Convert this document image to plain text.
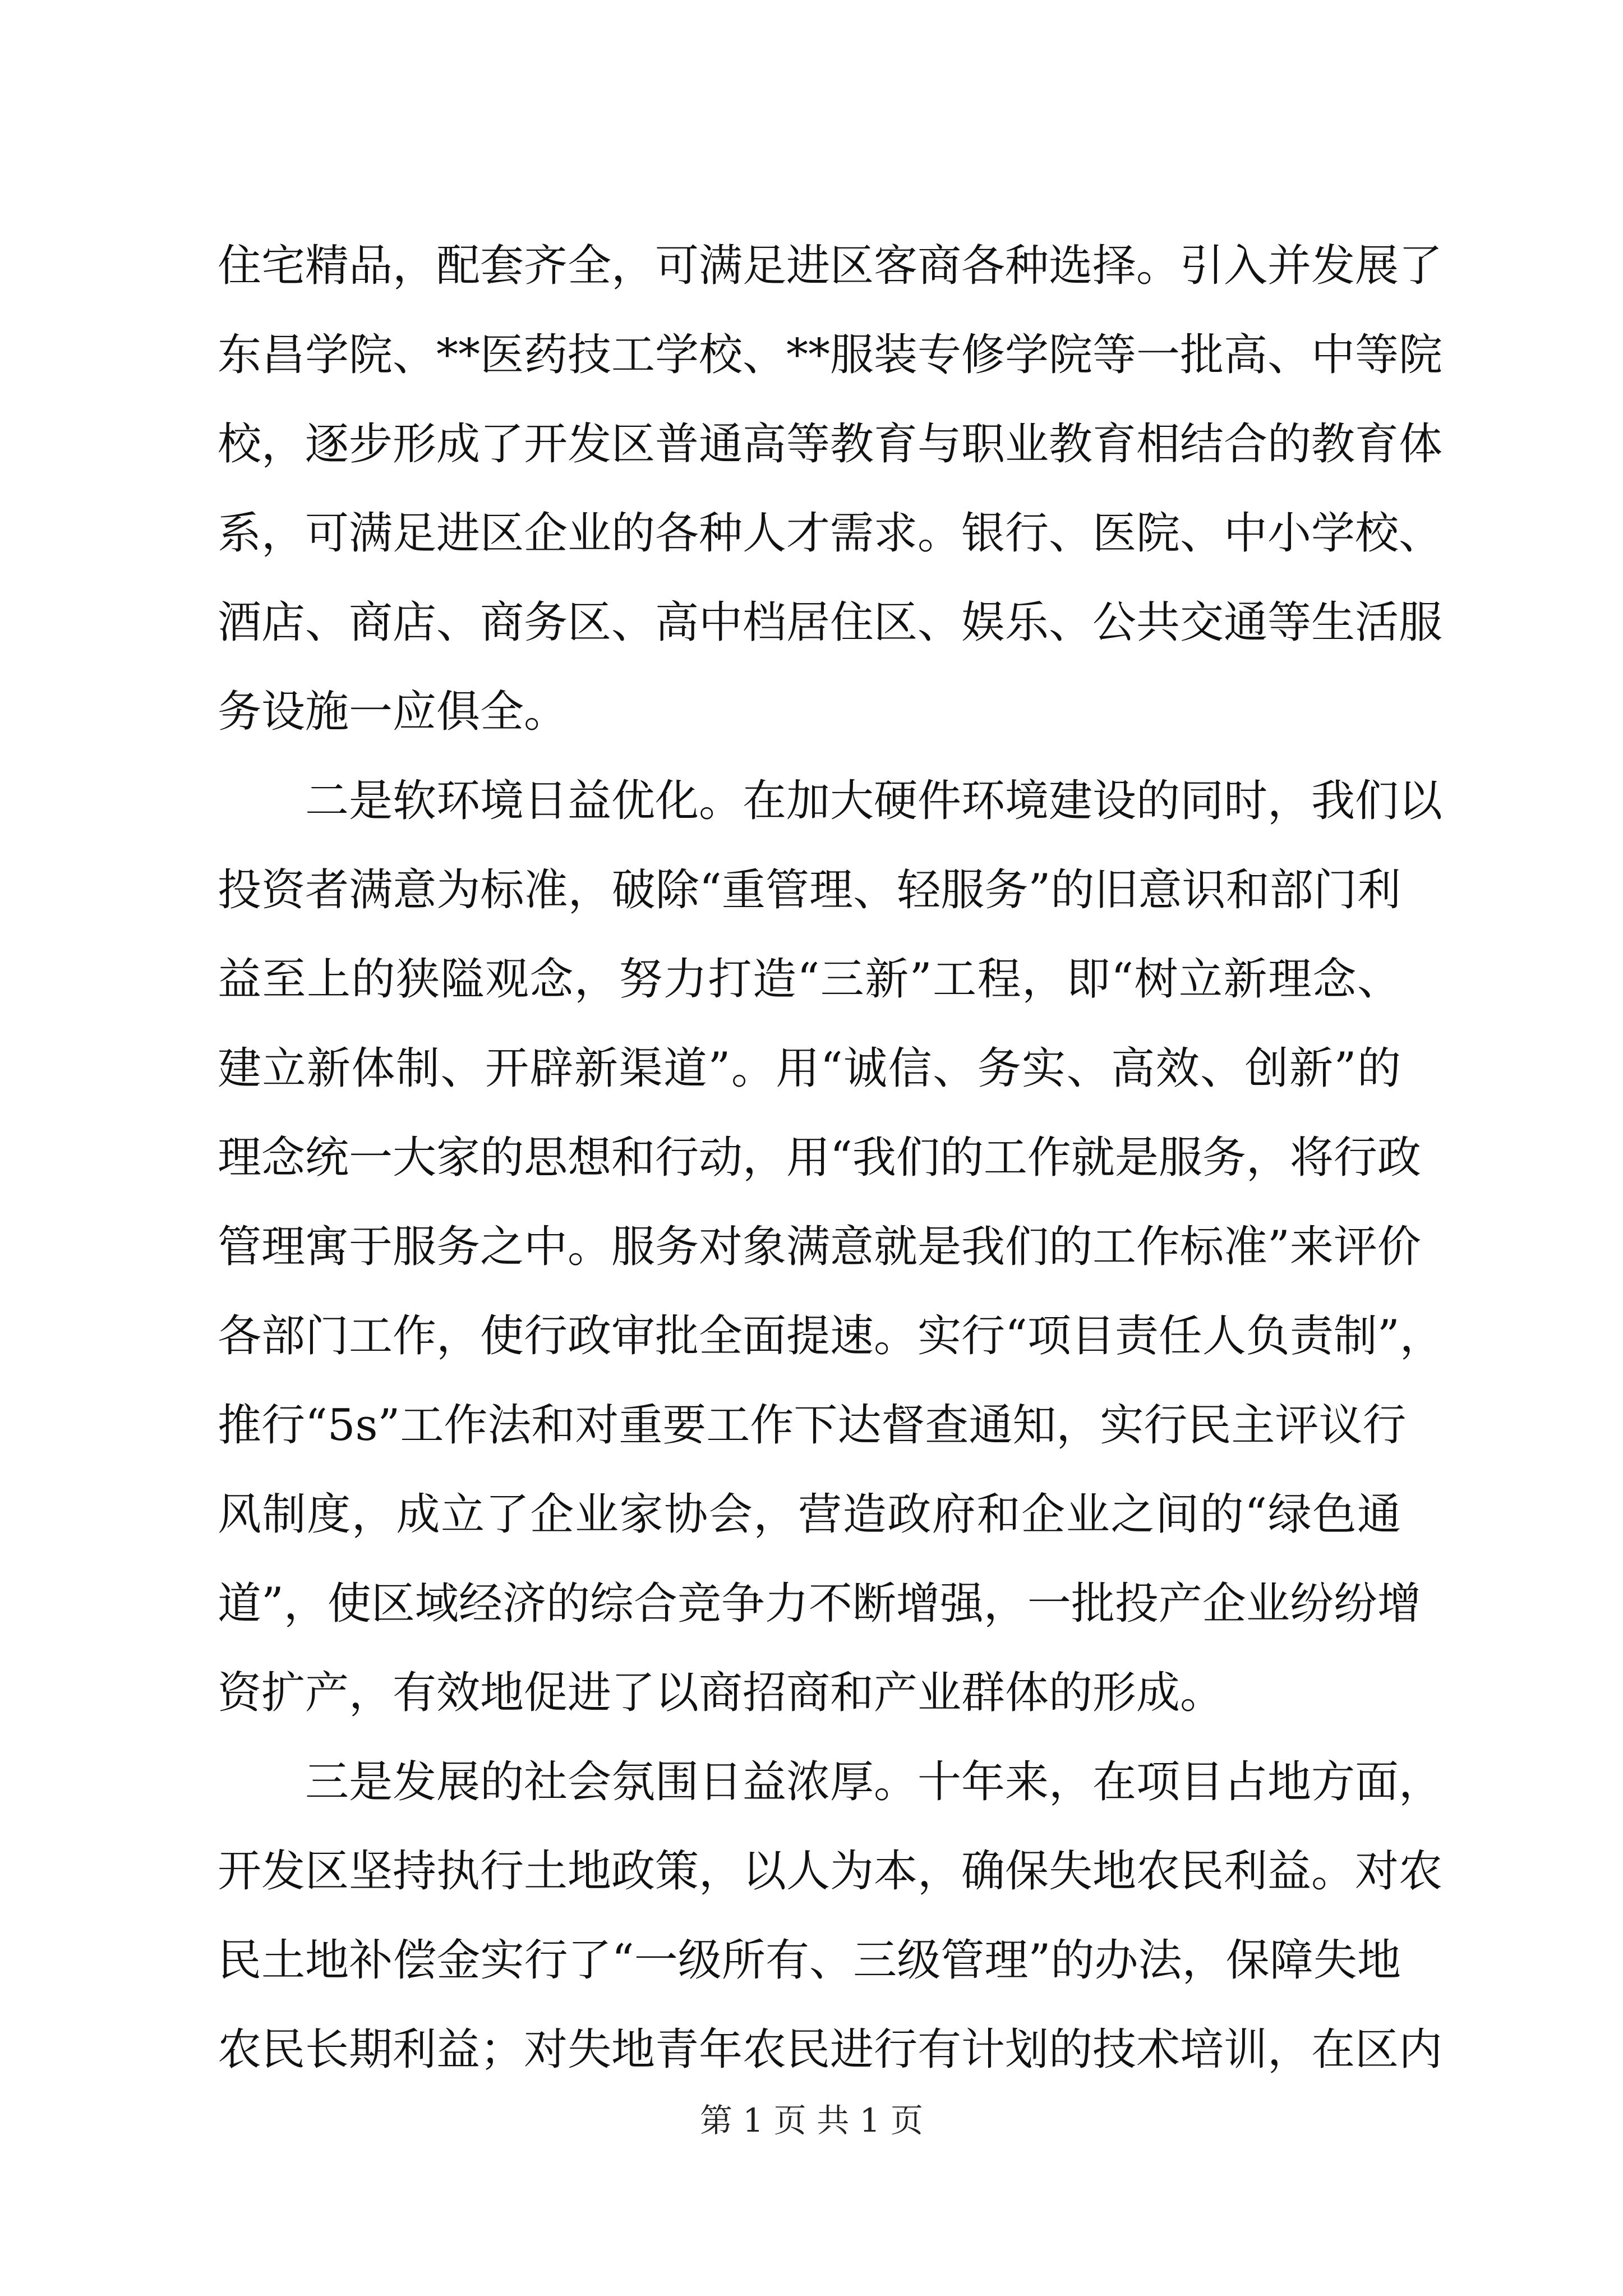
住宅精品，配套齐全，可满足进区客商各种选择。引入并发展了
东昌学院、**医药技工学校、**服装专修学院等一批高、中等院
校，逐步形成了开发区普通高等教育与职业教育相结合的教育体
系，可满足进区企业的各种人才需求。银行、医院、中小学校、
酒店、商店、商务区、高中档居住区、娱乐、公共交通等生活服
务设施一应俱全。
　　二是软环境日益优化。在加大硬件环境建设的同时，我们以
投资者满意为标准，破除“重管理、轻服务”的旧意识和部门利
益至上的狭隘观念，努力打造“三新”工程，即“树立新理念、
建立新体制、开辟新渠道”。用“诚信、务实、高效、创新”的
理念统一大家的思想和行动，用“我们的工作就是服务，将行政
管理寓于服务之中。服务对象满意就是我们的工作标准”来评价
各部门工作，使行政审批全面提速。实行“项目责任人负责制”，
推行“5s”工作法和对重要工作下达督查通知，实行民主评议行
风制度，成立了企业家协会，营造政府和企业之间的“绿色通
道”，使区域经济的综合竞争力不断增强，一批投产企业纷纷增
资扩产，有效地促进了以商招商和产业群体的形成。
　　三是发展的社会氛围日益浓厚。十年来，在项目占地方面，
开发区坚持执行土地政策，以人为本，确保失地农民利益。对农
民土地补偿金实行了“一级所有、三级管理”的办法，保障失地
农民长期利益；对失地青年农民进行有计划的技术培训，在区内
第 1 页 共 1 页
